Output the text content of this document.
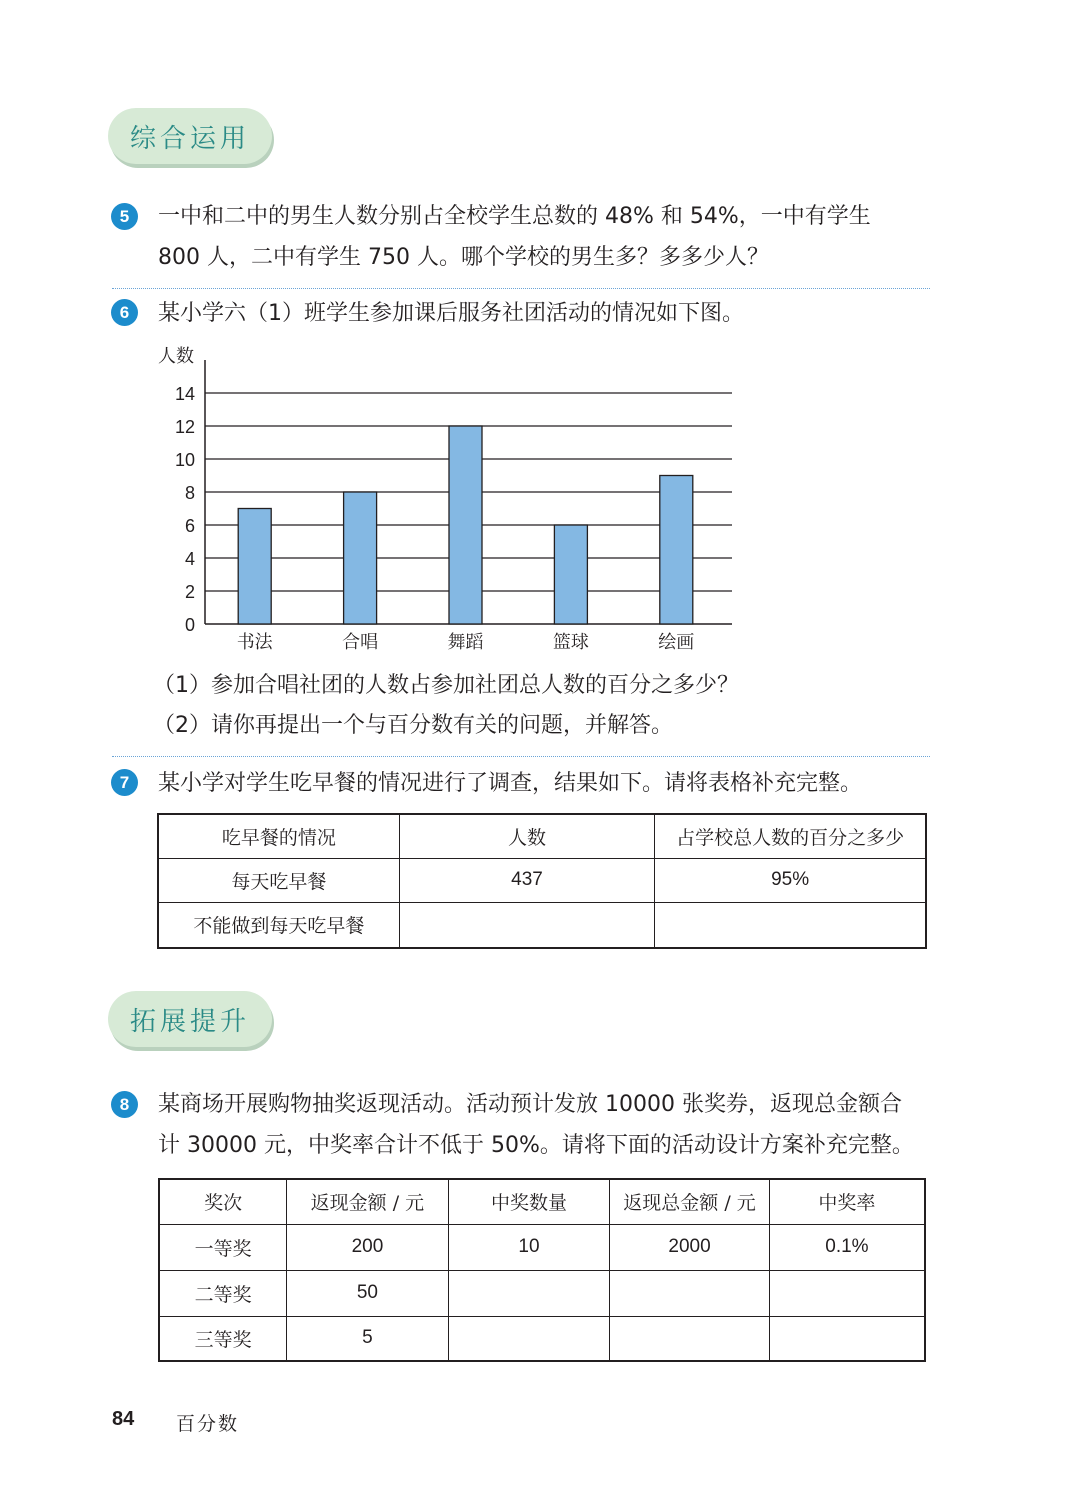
综合运用
5	一中和二中的男生人数分别占全校学生总数的 48% 和 54%，一中有学生
800 人，二中有学生 750 人。哪个学校的男生多？多多少人？
6	某小学六（1）班学生参加课后服务社团活动的情况如下图。
人数
0
2
4
6
8
10
12
14
书法	合唱	舞蹈	篮球	绘画
（1）参加合唱社团的人数占参加社团总人数的百分之多少？
（2）请你再提出一个与百分数有关的问题，并解答。
7	某小学对学生吃早餐的情况进行了调查，结果如下。请将表格补充完整。
吃早餐的情况	人数	占学校总人数的百分之多少
每天吃早餐	437	95%
不能做到每天吃早餐		
拓展提升
8	某商场开展购物抽奖返现活动。活动预计发放 10000 张奖券，返现总金额合
计 30000 元，中奖率合计不低于 50%。请将下面的活动设计方案补充完整。
奖次	返现金额 / 元	中奖数量	返现总金额 / 元	中奖率
一等奖	200	10	2000	0.1%
二等奖	50			
三等奖	5			
84 百分数
